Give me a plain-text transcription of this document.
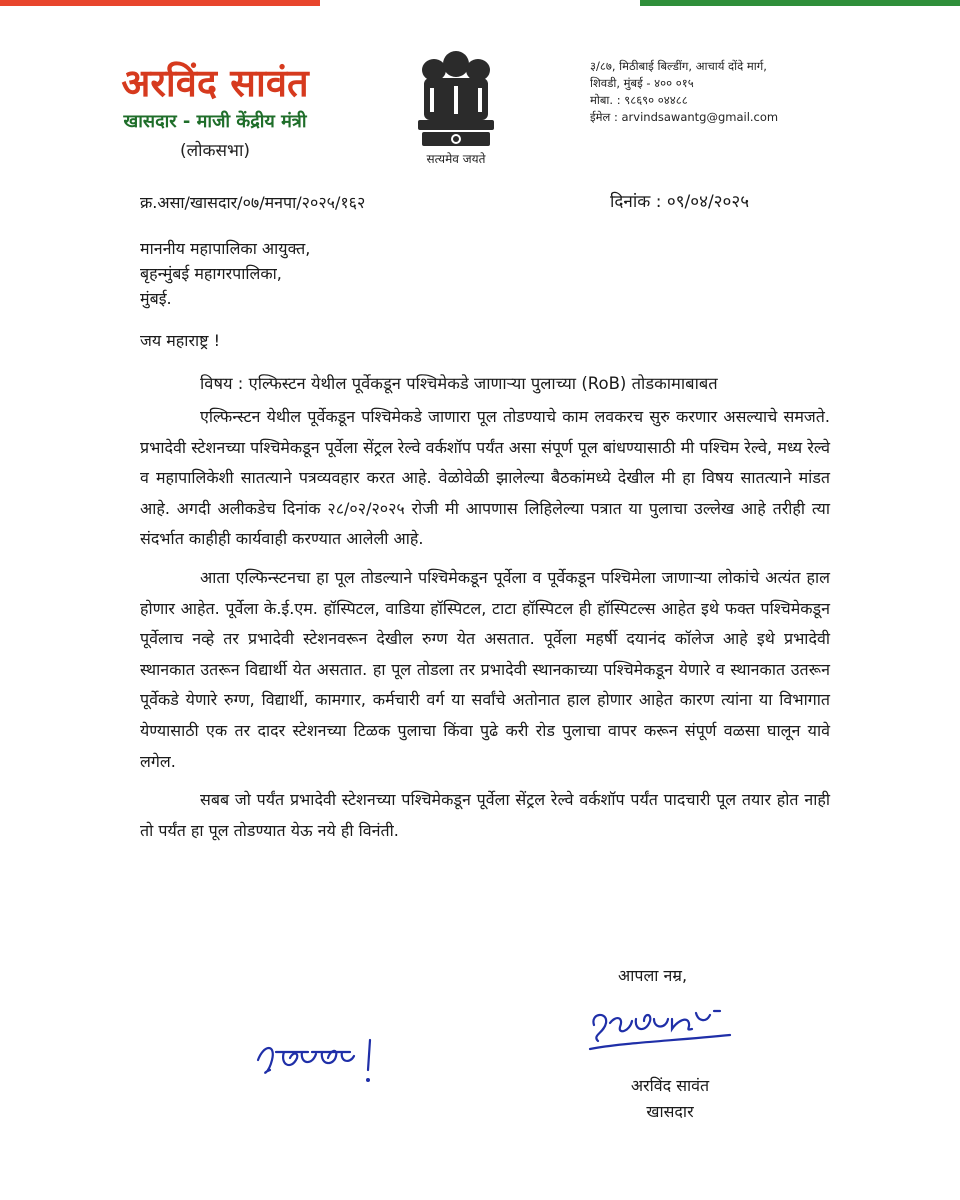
अरविंद सावंत
खासदार - माजी केंद्रीय मंत्री
(लोकसभा)	सत्यमेव जयते
३/८७, मिठीबाई बिल्डींग, आचार्य दोंदे मार्ग,
शिवडी, मुंबई - ४०० ०१५
मोबा. : ९८६९० ०४४८८
ईमेल : arvindsawantg@gmail.com
क्र.असा/खासदार/०७/मनपा/२०२५/१६२	दिनांक : ०९/०४/२०२५
माननीय महापालिका आयुक्त,
बृहन्मुंबई महागरपालिका,
मुंबई.
जय महाराष्ट्र !
विषय : एल्फिस्टन येथील पूर्वेकडून पश्चिमेकडे जाणाऱ्या पुलाच्या (RoB) तोडकामाबाबत

एल्फिन्स्टन येथील पूर्वेकडून पश्चिमेकडे जाणारा पूल तोडण्याचे काम लवकरच सुरु करणार असल्याचे समजते. प्रभादेवी स्टेशनच्या पश्चिमेकडून पूर्वेला सेंट्रल रेल्वे वर्कशॉप पर्यंत असा संपूर्ण पूल बांधण्यासाठी मी पश्चिम रेल्वे, मध्य रेल्वे व महापालिकेशी सातत्याने पत्रव्यवहार करत आहे. वेळोवेळी झालेल्या बैठकांमध्ये देखील मी हा विषय सातत्याने मांडत आहे. अगदी अलीकडेच दिनांक २८/०२/२०२५ रोजी मी आपणास लिहिलेल्या पत्रात या पुलाचा उल्लेख आहे तरीही त्या संदर्भात काहीही कार्यवाही करण्यात आलेली आहे.

आता एल्फिन्स्टनचा हा पूल तोडल्याने पश्चिमेकडून पूर्वेला व पूर्वेकडून पश्चिमेला जाणाऱ्या लोकांचे अत्यंत हाल होणार आहेत. पूर्वेला के.ई.एम. हॉस्पिटल, वाडिया हॉस्पिटल, टाटा हॉस्पिटल ही हॉस्पिटल्स आहेत इथे फक्त पश्चिमेकडून पूर्वेलाच नव्हे तर प्रभादेवी स्टेशनवरून देखील रुग्ण येत असतात. पूर्वेला महर्षी दयानंद कॉलेज आहे इथे प्रभादेवी स्थानकात उतरून विद्यार्थी येत असतात. हा पूल तोडला तर प्रभादेवी स्थानकाच्या पश्चिमेकडून येणारे व स्थानकात उतरून पूर्वेकडे येणारे रुग्ण, विद्यार्थी, कामगार, कर्मचारी वर्ग या सर्वांचे अतोनात हाल होणार आहेत कारण त्यांना या विभागात येण्यासाठी एक तर दादर स्टेशनच्या टिळक पुलाचा किंवा पुढे करी रोड पुलाचा वापर करून संपूर्ण वळसा घालून यावे लगेल.

सबब जो पर्यंत प्रभादेवी स्टेशनच्या पश्चिमेकडून पूर्वेला सेंट्रल रेल्वे वर्कशॉप पर्यंत पादचारी पूल तयार होत नाही तो पर्यंत हा पूल तोडण्यात येऊ नये ही विनंती.

आपला नम्र,
अरविंद सावंत
खासदार
